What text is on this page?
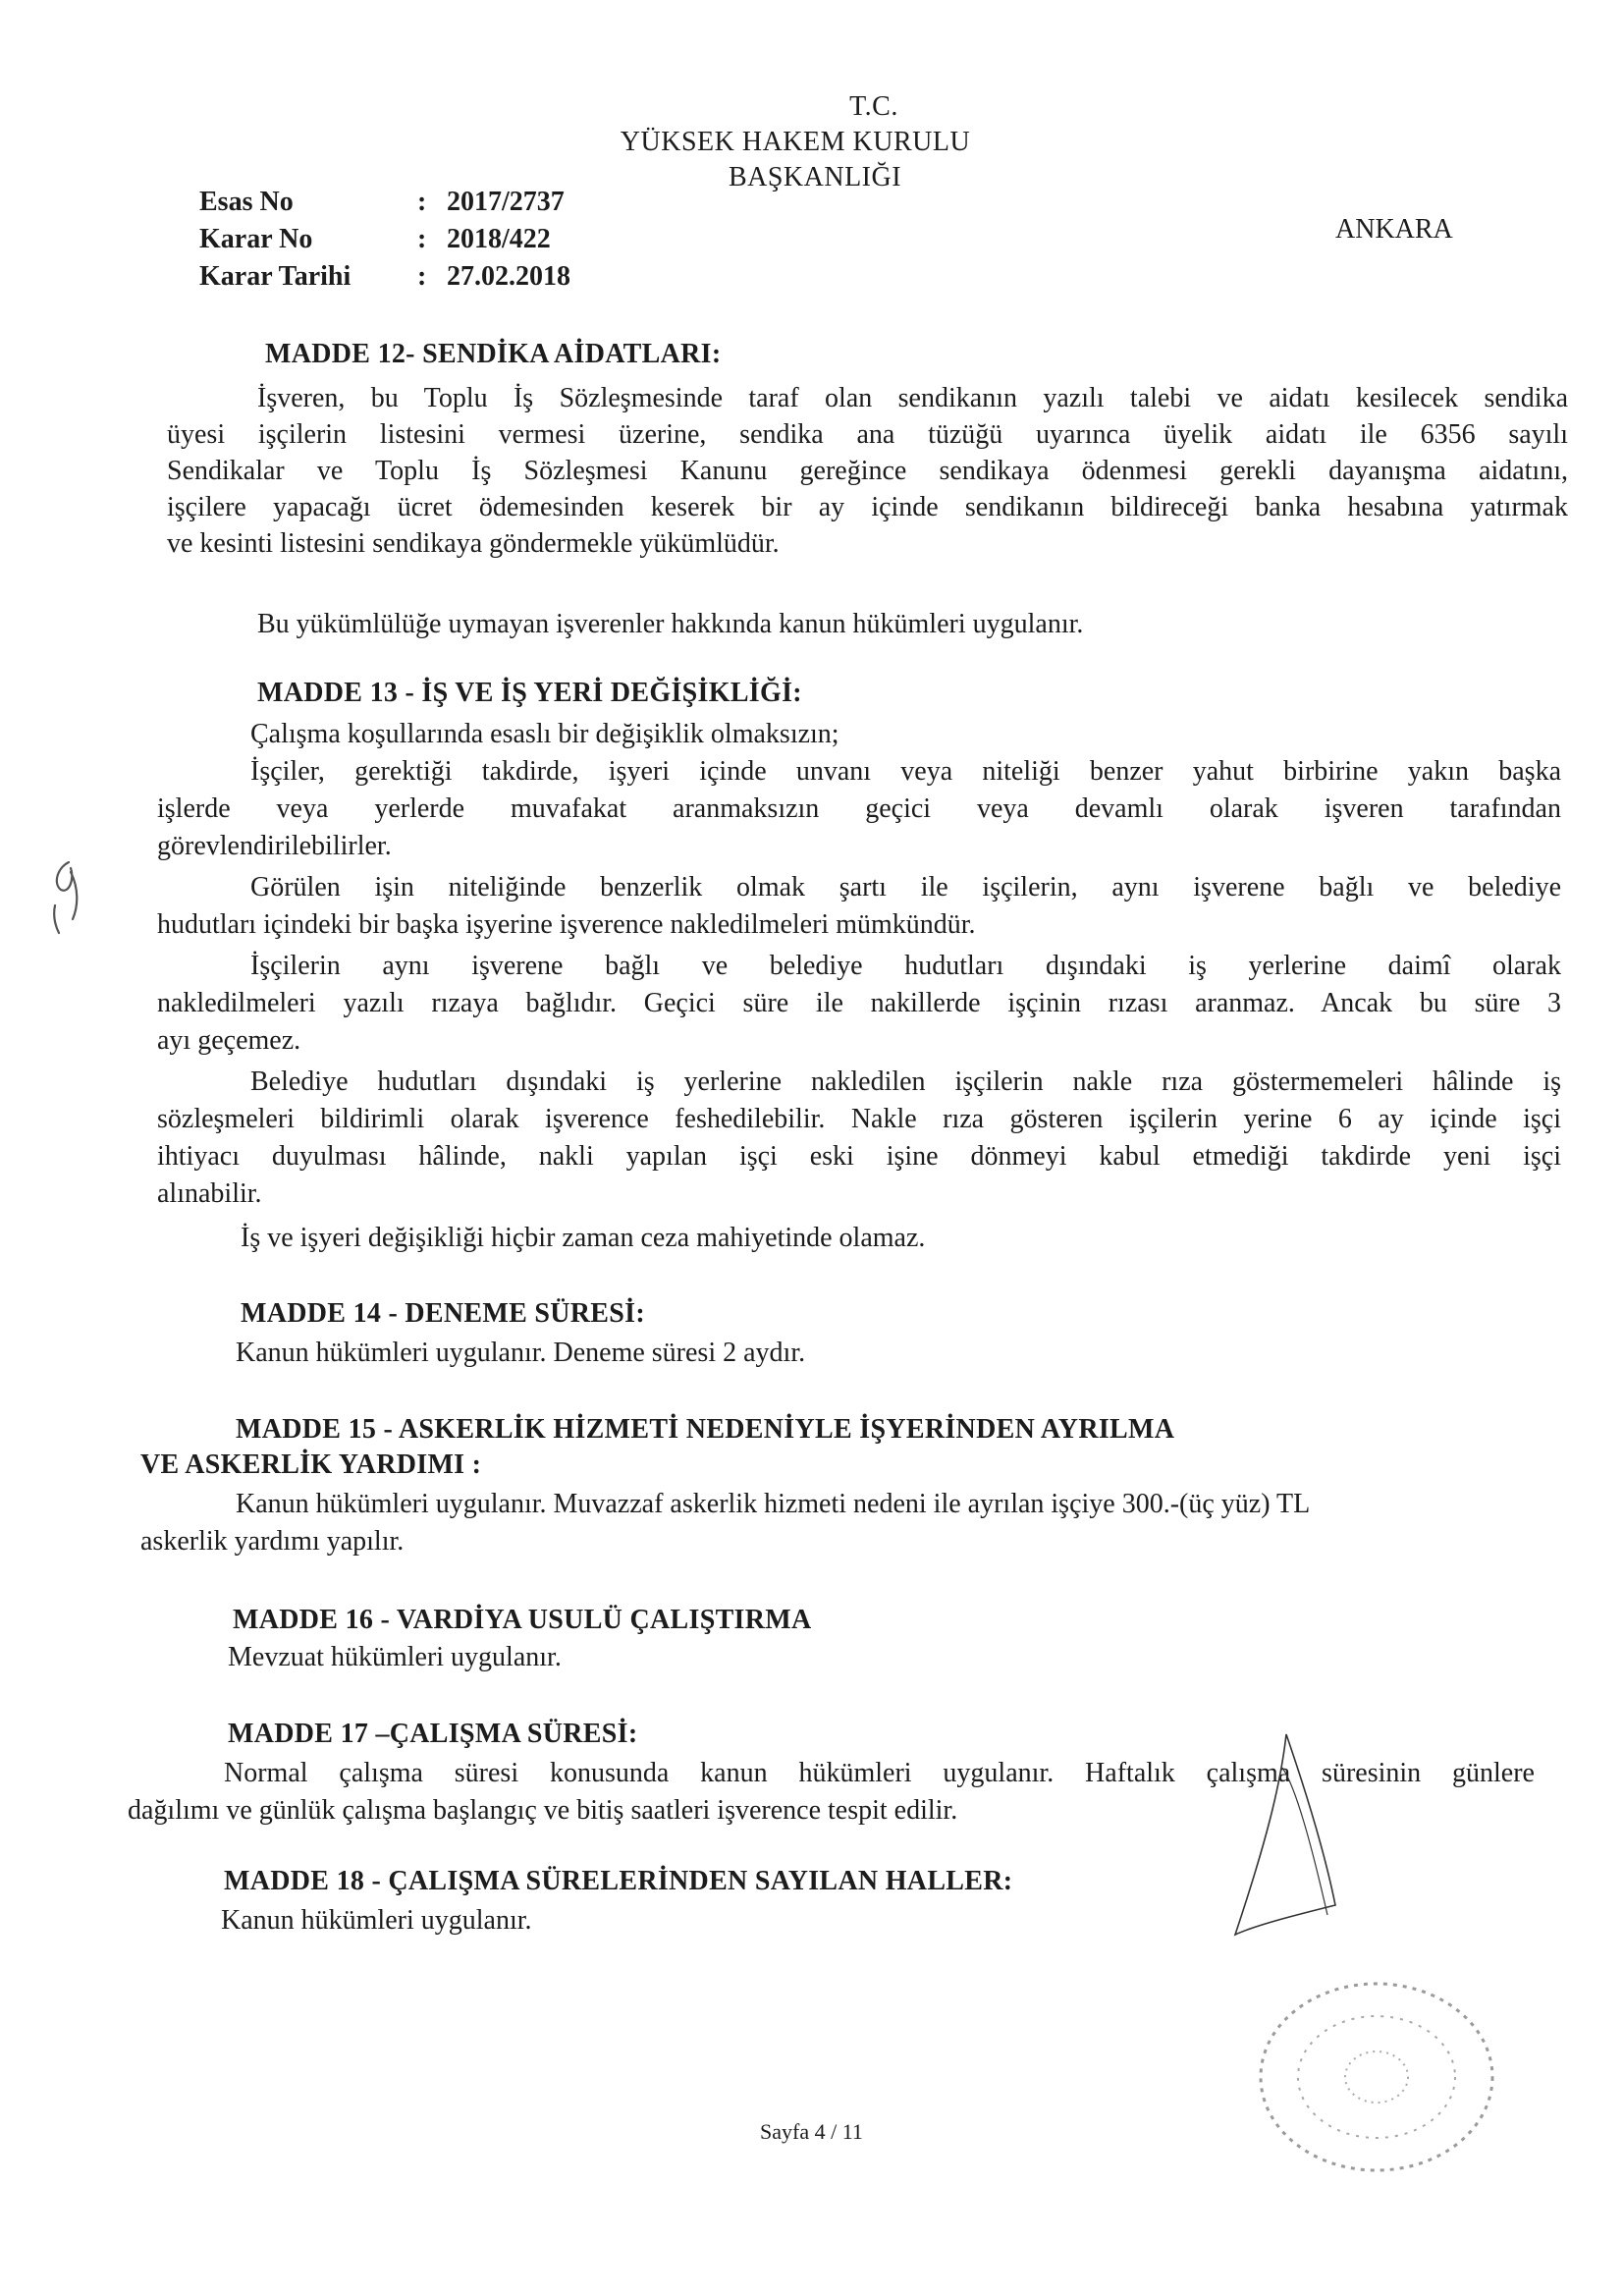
T.C.
YÜKSEK HAKEM KURULU
BAŞKANLIĞI
ANKARA
Esas No	: 2017/2737
Karar No	: 2018/422
Karar Tarihi	: 27.02.2018
MADDE 12- SENDİKA AİDATLARI:
İşveren, bu Toplu İş Sözleşmesinde taraf olan sendikanın yazılı talebi ve aidatı kesilecek sendika
üyesi işçilerin listesini vermesi üzerine, sendika ana tüzüğü uyarınca üyelik aidatı ile 6356 sayılı
Sendikalar ve Toplu İş Sözleşmesi Kanunu gereğince sendikaya ödenmesi gerekli dayanışma aidatını,
işçilere yapacağı ücret ödemesinden keserek bir ay içinde sendikanın bildireceği banka hesabına yatırmak
ve kesinti listesini sendikaya göndermekle yükümlüdür.
Bu yükümlülüğe uymayan işverenler hakkında kanun hükümleri uygulanır.
MADDE 13 - İŞ VE İŞ YERİ DEĞİŞİKLİĞİ:
Çalışma koşullarında esaslı bir değişiklik olmaksızın;
İşçiler, gerektiği takdirde, işyeri içinde unvanı veya niteliği benzer yahut birbirine yakın başka
işlerde veya yerlerde muvafakat aranmaksızın geçici veya devamlı olarak işveren tarafından
görevlendirilebilirler.
Görülen işin niteliğinde benzerlik olmak şartı ile işçilerin, aynı işverene bağlı ve belediye
hudutları içindeki bir başka işyerine işverence nakledilmeleri mümkündür.
İşçilerin aynı işverene bağlı ve belediye hudutları dışındaki iş yerlerine daimî olarak
nakledilmeleri yazılı rızaya bağlıdır. Geçici süre ile nakillerde işçinin rızası aranmaz. Ancak bu süre 3
ayı geçemez.
Belediye hudutları dışındaki iş yerlerine nakledilen işçilerin nakle rıza göstermemeleri hâlinde iş
sözleşmeleri bildirimli olarak işverence feshedilebilir. Nakle rıza gösteren işçilerin yerine 6 ay içinde işçi
ihtiyacı duyulması hâlinde, nakli yapılan işçi eski işine dönmeyi kabul etmediği takdirde yeni işçi
alınabilir.
İş ve işyeri değişikliği hiçbir zaman ceza mahiyetinde olamaz.
MADDE 14 - DENEME SÜRESİ:
Kanun hükümleri uygulanır. Deneme süresi 2 aydır.
MADDE 15 - ASKERLİK HİZMETİ NEDENİYLE İŞYERİNDEN AYRILMA
VE ASKERLİK YARDIMI :
Kanun hükümleri uygulanır. Muvazzaf askerlik hizmeti nedeni ile ayrılan işçiye 300.-(üç yüz) TL
askerlik yardımı yapılır.
MADDE 16 - VARDİYA USULÜ ÇALIŞTIRMA
Mevzuat hükümleri uygulanır.
MADDE 17 –ÇALIŞMA SÜRESİ:
Normal çalışma süresi konusunda kanun hükümleri uygulanır. Haftalık çalışma süresinin günlere
dağılımı ve günlük çalışma başlangıç ve bitiş saatleri işverence tespit edilir.
MADDE 18 - ÇALIŞMA SÜRELERİNDEN SAYILAN HALLER:
Kanun hükümleri uygulanır.
Sayfa 4 / 11
